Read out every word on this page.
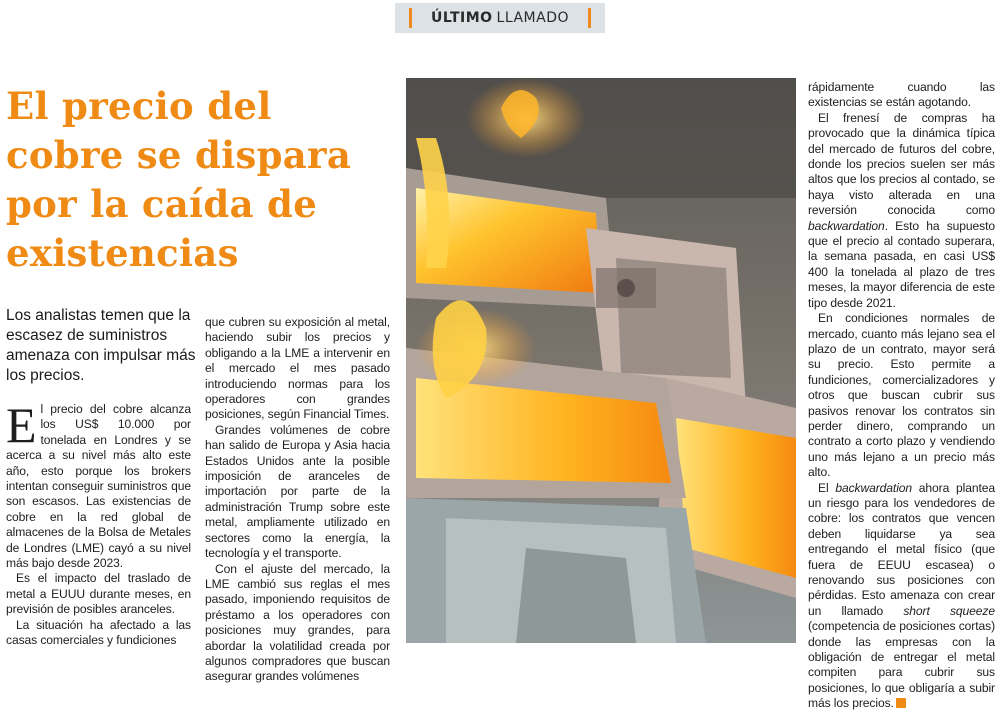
ÚLTIMO LLAMADO
El precio del cobre se dispara por la caída de existencias

Los analistas temen que la escasez de suministros amenaza con impulsar más los precios.

El precio del cobre alcanza los US$ 10.000 por tonelada en Londres y se acerca a su nivel más alto este año, esto porque los brokers intentan conseguir suministros que son escasos. Las existencias de cobre en la red global de almacenes de la Bolsa de Metales de Londres (LME) cayó a su nivel más bajo desde 2023.

Es el impacto del traslado de metal a EUUU durante meses, en previsión de posibles aranceles.

La situación ha afectado a las casas comerciales y fundiciones

que cubren su exposición al metal, haciendo subir los precios y obligando a la LME a intervenir en el mercado el mes pasado introduciendo normas para los operadores con grandes posiciones, según Financial Times.

Grandes volúmenes de cobre han salido de Europa y Asia hacia Estados Unidos ante la posible imposición de aranceles de importación por parte de la administración Trump sobre este metal, ampliamente utilizado en sectores como la energía, la tecnología y el transporte.

Con el ajuste del mercado, la LME cambió sus reglas el mes pasado, imponiendo requisitos de préstamo a los operadores con posiciones muy grandes, para abordar la volatilidad creada por algunos compradores que buscan asegurar grandes volúmenes

rápidamente cuando las existencias se están agotando.

El frenesí de compras ha provocado que la dinámica típica del mercado de futuros del cobre, donde los precios suelen ser más altos que los precios al contado, se haya visto alterada en una reversión conocida como backwardation. Esto ha supuesto que el precio al contado superara, la semana pasada, en casi US$ 400 la tonelada al plazo de tres meses, la mayor diferencia de este tipo desde 2021.

En condiciones normales de mercado, cuanto más lejano sea el plazo de un contrato, mayor será su precio. Esto permite a fundiciones, comercializadores y otros que buscan cubrir sus pasivos renovar los contratos sin perder dinero, comprando un contrato a corto plazo y vendiendo uno más lejano a un precio más alto.

El backwardation ahora plantea un riesgo para los vendedores de cobre: los contratos que vencen deben liquidarse ya sea entregando el metal físico (que fuera de EEUU escasea) o renovando sus posiciones con pérdidas. Esto amenaza con crear un llamado short squeeze (competencia de posiciones cortas) donde las empresas con la obligación de entregar el metal compiten para cubrir sus posiciones, lo que obligaría a subir más los precios.
